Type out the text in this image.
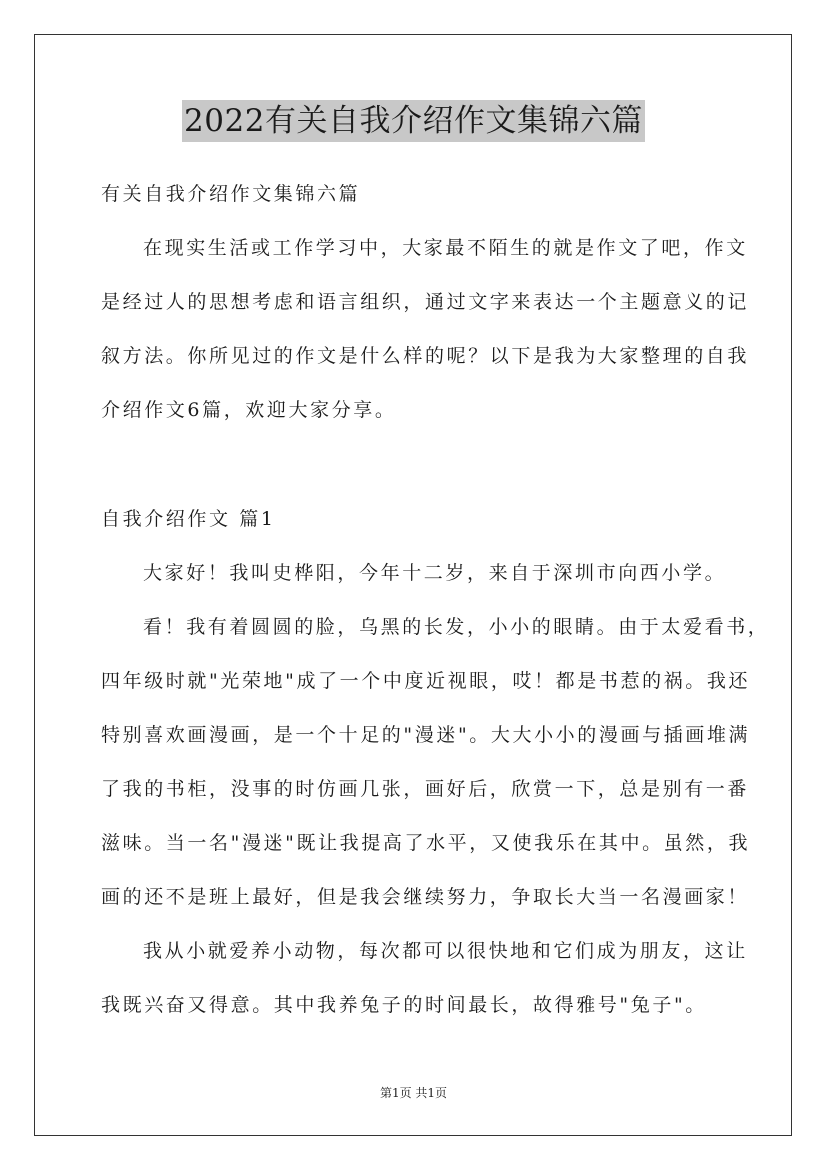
2022有关自我介绍作文集锦六篇
有关自我介绍作文集锦六篇
在现实生活或工作学习中，大家最不陌生的就是作文了吧，作文
是经过人的思想考虑和语言组织，通过文字来表达一个主题意义的记
叙方法。你所见过的作文是什么样的呢？以下是我为大家整理的自我
介绍作文6篇，欢迎大家分享。
自我介绍作文 篇1
大家好！我叫史桦阳，今年十二岁，来自于深圳市向西小学。
看！我有着圆圆的脸，乌黑的长发，小小的眼睛。由于太爱看书，
四年级时就"光荣地"成了一个中度近视眼，哎！都是书惹的祸。我还
特别喜欢画漫画，是一个十足的"漫迷"。大大小小的漫画与插画堆满
了我的书柜，没事的时仿画几张，画好后，欣赏一下，总是别有一番
滋味。当一名"漫迷"既让我提高了水平，又使我乐在其中。虽然，我
画的还不是班上最好，但是我会继续努力，争取长大当一名漫画家！
我从小就爱养小动物，每次都可以很快地和它们成为朋友，这让
我既兴奋又得意。其中我养兔子的时间最长，故得雅号"兔子"。
第1页 共1页
